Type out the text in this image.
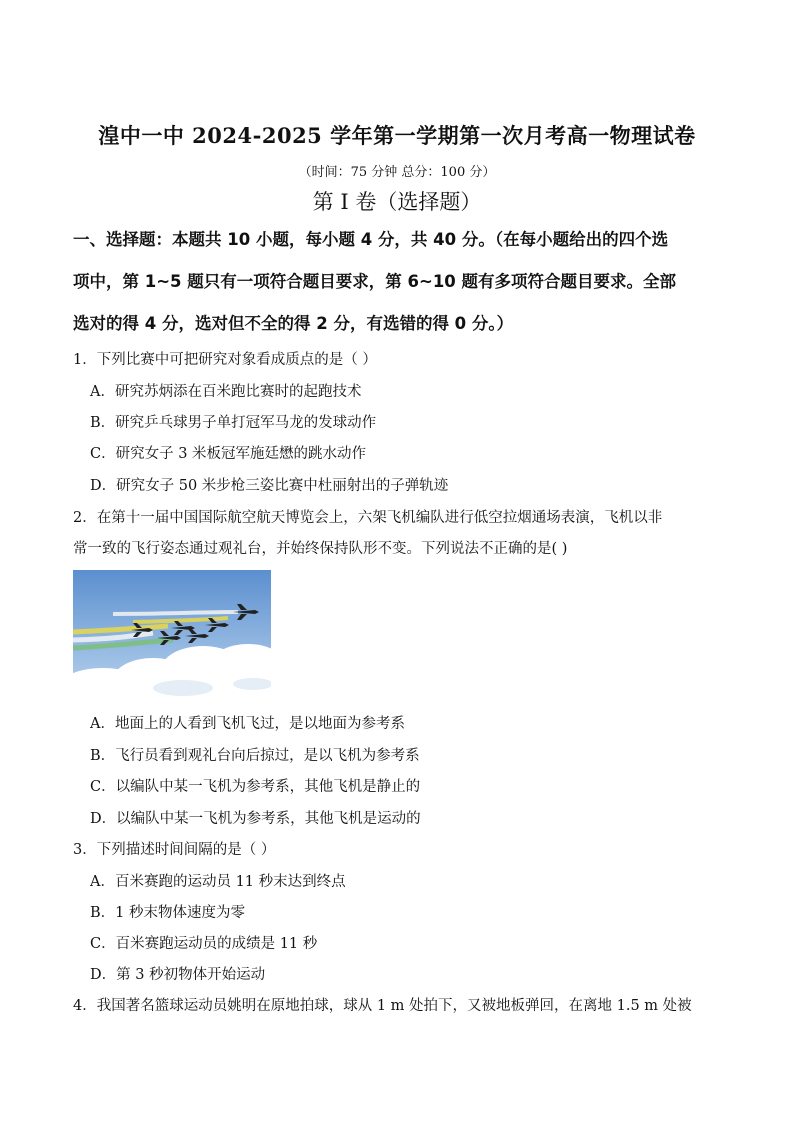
湟中一中 2024-2025 学年第一学期第一次月考高一物理试卷
（时间：75 分钟 总分：100 分）
第 I 卷（选择题）
一、选择题：本题共 10 小题，每小题 4 分，共 40 分。（在每小题给出的四个选
项中，第 1~5 题只有一项符合题目要求，第 6~10 题有多项符合题目要求。全部
选对的得 4 分，选对但不全的得 2 分，有选错的得 0 分。）
1．下列比赛中可把研究对象看成质点的是（ ）
A．研究苏炳添在百米跑比赛时的起跑技术
B．研究乒乓球男子单打冠军马龙的发球动作
C．研究女子 3 米板冠军施廷懋的跳水动作
D．研究女子 50 米步枪三姿比赛中杜丽射出的子弹轨迹
2．在第十一届中国国际航空航天博览会上，六架飞机编队进行低空拉烟通场表演，飞机以非
常一致的飞行姿态通过观礼台，并始终保持队形不变。下列说法不正确的是( )
A．地面上的人看到飞机飞过，是以地面为参考系
B．飞行员看到观礼台向后掠过，是以飞机为参考系
C．以编队中某一飞机为参考系，其他飞机是静止的
D．以编队中某一飞机为参考系，其他飞机是运动的
3．下列描述时间间隔的是（ ）
A．百米赛跑的运动员 11 秒末达到终点
B．1 秒末物体速度为零
C．百米赛跑运动员的成绩是 11 秒
D．第 3 秒初物体开始运动
4．我国著名篮球运动员姚明在原地拍球，球从 1 m 处拍下，又被地板弹回，在离地 1.5 m 处被
